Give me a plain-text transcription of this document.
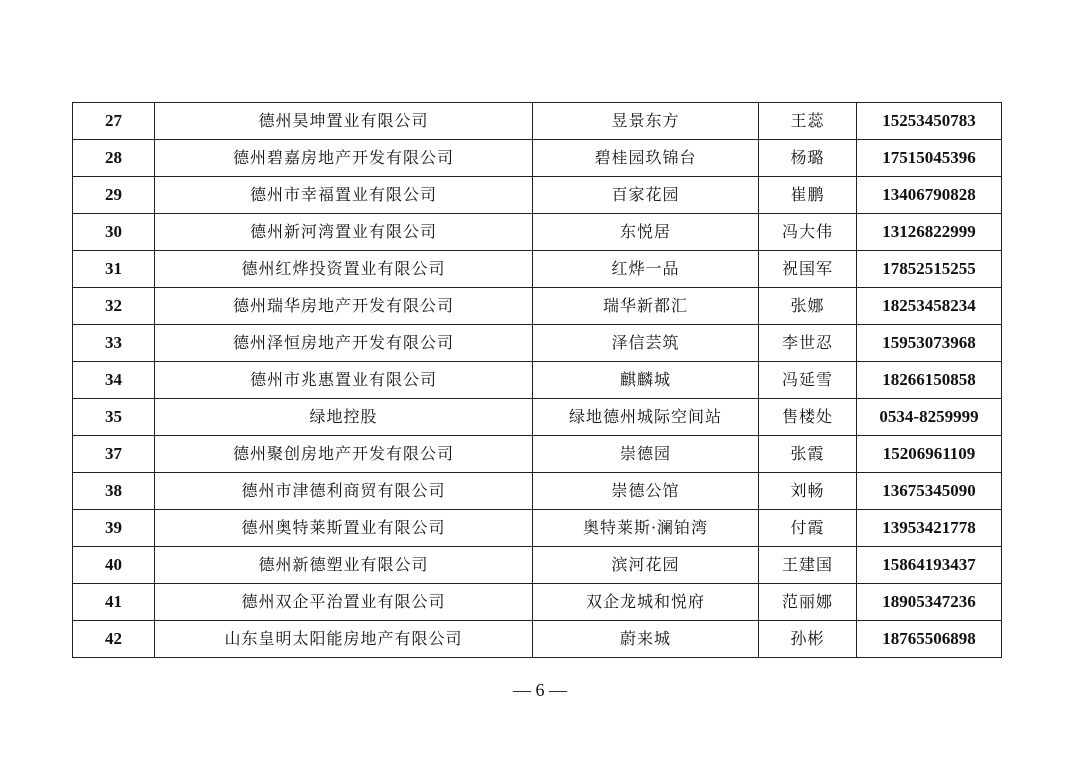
27	德州昊坤置业有限公司	昱景东方	王蕊	15253450783
28	德州碧嘉房地产开发有限公司	碧桂园玖锦台	杨璐	17515045396
29	德州市幸福置业有限公司	百家花园	崔鹏	13406790828
30	德州新河湾置业有限公司	东悦居	冯大伟	13126822999
31	德州红烨投资置业有限公司	红烨一品	祝国军	17852515255
32	德州瑞华房地产开发有限公司	瑞华新都汇	张娜	18253458234
33	德州泽恒房地产开发有限公司	泽信芸筑	李世忍	15953073968
34	德州市兆惠置业有限公司	麒麟城	冯延雪	18266150858
35	绿地控股	绿地德州城际空间站	售楼处	0534-8259999
37	德州聚创房地产开发有限公司	崇德园	张霞	15206961109
38	德州市津德利商贸有限公司	崇德公馆	刘畅	13675345090
39	德州奥特莱斯置业有限公司	奥特莱斯·澜铂湾	付霞	13953421778
40	德州新德塑业有限公司	滨河花园	王建国	15864193437
41	德州双企平治置业有限公司	双企龙城和悦府	范丽娜	18905347236
42	山东皇明太阳能房地产有限公司	蔚来城	孙彬	18765506898
— 6 —
